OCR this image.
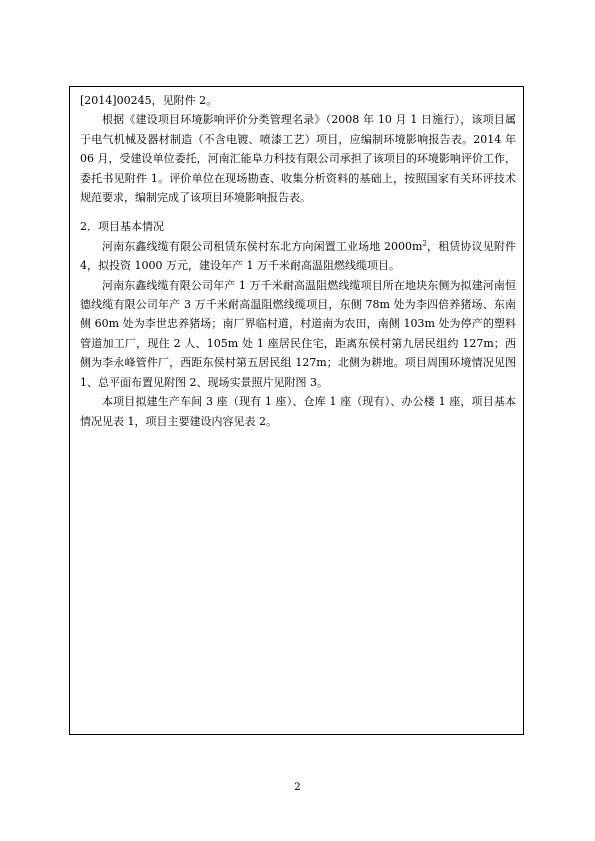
[2014]00245，见附件 2。

根据《建设项目环境影响评价分类管理名录》（2008 年 10 月 1 日施行），该项目属于电气机械及器材制造（不含电镀、喷漆工艺）项目，应编制环境影响报告表。2014 年 06 月，受建设单位委托，河南汇能阜力科技有限公司承担了该项目的环境影响评价工作，委托书见附件 1。评价单位在现场勘查、收集分析资料的基础上，按照国家有关环评技术规范要求，编制完成了该项目环境影响报告表。

2．项目基本情况

河南东鑫线缆有限公司租赁东侯村东北方向闲置工业场地 $2000m^2$，租赁协议见附件 4，拟投资 1000 万元，建设年产 1 万千米耐高温阻燃线缆项目。

河南东鑫线缆有限公司年产 1 万千米耐高温阻燃线缆项目所在地块东侧为拟建河南恒德线缆有限公司年产 3 万千米耐高温阻燃线缆项目，东侧 78m 处为李四倍养猪场、东南侧 60m 处为李世忠养猪场；南厂界临村道，村道南为农田，南侧 103m 处为停产的塑料管道加工厂，现住 2 人、105m 处 1 座居民住宅，距离东侯村第九居民组约 127m；西侧为李永峰管件厂，西距东侯村第五居民组 127m；北侧为耕地。项目周围环境情况见图 1、总平面布置见附图 2、现场实景照片见附图 3。

本项目拟建生产车间 3 座（现有 1 座）、仓库 1 座（现有）、办公楼 1 座，项目基本情况见表 1，项目主要建设内容见表 2。

2
